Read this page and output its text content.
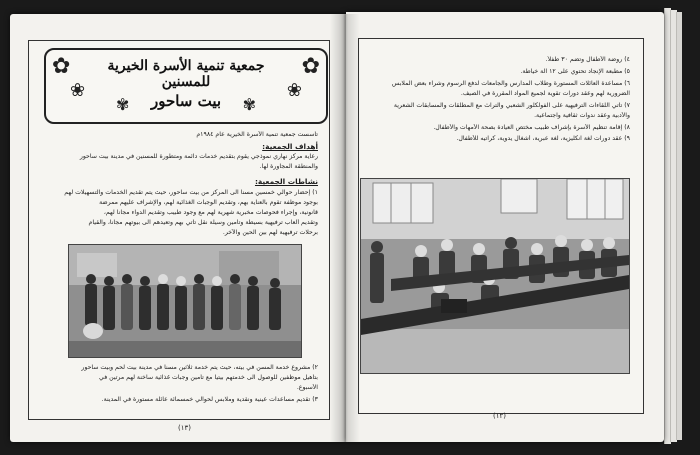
✿
❀
✿
❀
✾	✾
جمعية تنمية الأسرة الخيرية للمسنين
بيت ساحور
تأسست جمعية تنمية الأسرة الخيرية عام ١٩٨٤م
أهداف الجمعية:
رعاية مركز نهاري نموذجي يقوم بتقديم خدمات دائمة ومتطورة للمسنين في مدينة بيت ساحور
والمنطقة المجاورة لها.
نشاطات الجمعية:
١) إحضار حوالي خمسين مسناً الى المركز من بيت ساحور، حيث يتم تقديم الخدمات والتسهيلات لهم
بوجود موظفة تقوم بالعناية بهم، وتقديم الوجبات الغذائية لهم، والإشراف عليهم ممرضة
قانونية، وإجراء فحوصات مخبرية شهرية لهم مع وجود طبيب وتقديم الدواء مجاناً لهم،
وتقديم ألعاب ترفيهية بسيطة وتأمين وسيلة نقل تأتي بهم وتعيدهم الى بيوتهم مجاناً، والقيام
برحلات ترفيهية لهم بين الحين والآخر.
٢) مشروع خدمة المسن في بيته، حيث يتم خدمة ثلاثين مسناً في مدينة بيت لحم وبيت ساحور
بتأهيل موظفين للوصول الى خدمتهم بيتياً مع تأمين وجبات غذائية ساخنة لهم مرتين في
الأسبوع.
٣) تقديم مساعدات عينية ونقدية وملابس لحوالي خمسمائة عائلة مستورة في المدينة.
(١٣)
٤) روضة الأطفال وتضم ٣٠ طفلاً.
٥) مطبعة الإنجاد تحتوي على ١٢ آلة خياطة.
٦) مساعدة العائلات المستورة وطلاب المدارس والجامعات لدفع الرسوم وشراء بعض الملابس
الضرورية لهم وعقد دورات تقوية لجميع المواد المقررة في الصيف.
٧) تأتي اللقاءات الترفيهية على الفولكلور الشعبي والتراث مع المطلقات والمسابقات الشعرية
والأدبية وعقد ندوات ثقافية واجتماعية.
٨) إقامة تنظيم الأسرة بإشراف طبيب مختص العيادة بصحة الأمهات والأطفال.
٩) عقد دورات لغة انكليزية، لغة عبرية، أشغال يدوية، كراتيه للأطفال.
(١٢)
